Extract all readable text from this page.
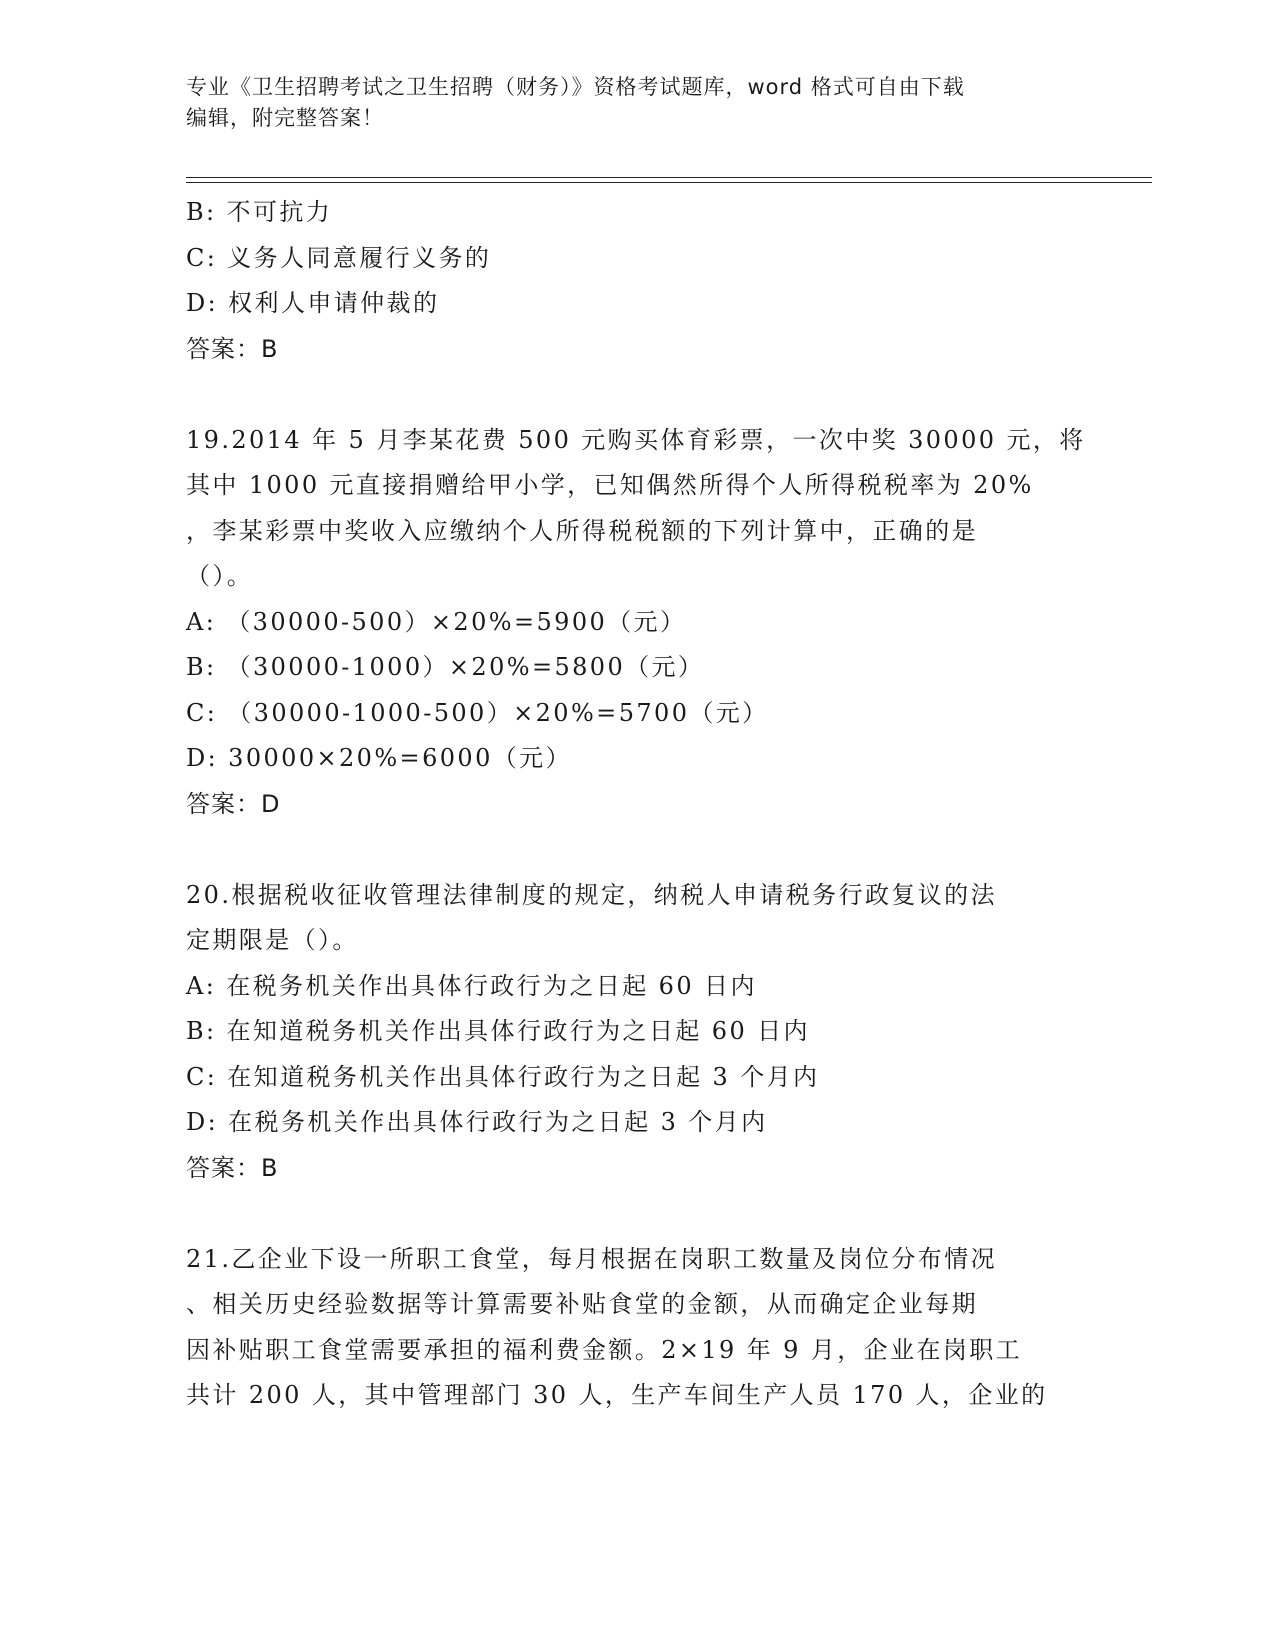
专业《卫生招聘考试之卫生招聘（财务）》资格考试题库，word 格式可自由下载
编辑，附完整答案！
B: 不可抗力
C: 义务人同意履行义务的
D: 权利人申请仲裁的
答案：B
19.2014 年 5 月李某花费 500 元购买体育彩票，一次中奖 30000 元，将
其中 1000 元直接捐赠给甲小学，已知偶然所得个人所得税税率为 20%
，李某彩票中奖收入应缴纳个人所得税税额的下列计算中，正确的是
（）。
A: （30000-500）×20%=5900（元）
B: （30000-1000）×20%=5800（元）
C: （30000-1000-500）×20%=5700（元）
D: 30000×20%=6000（元）
答案：D
20.根据税收征收管理法律制度的规定，纳税人申请税务行政复议的法
定期限是（）。
A: 在税务机关作出具体行政行为之日起 60 日内
B: 在知道税务机关作出具体行政行为之日起 60 日内
C: 在知道税务机关作出具体行政行为之日起 3 个月内
D: 在税务机关作出具体行政行为之日起 3 个月内
答案：B
21.乙企业下设一所职工食堂，每月根据在岗职工数量及岗位分布情况
、相关历史经验数据等计算需要补贴食堂的金额，从而确定企业每期
因补贴职工食堂需要承担的福利费金额。2×19 年 9 月，企业在岗职工
共计 200 人，其中管理部门 30 人，生产车间生产人员 170 人，企业的
